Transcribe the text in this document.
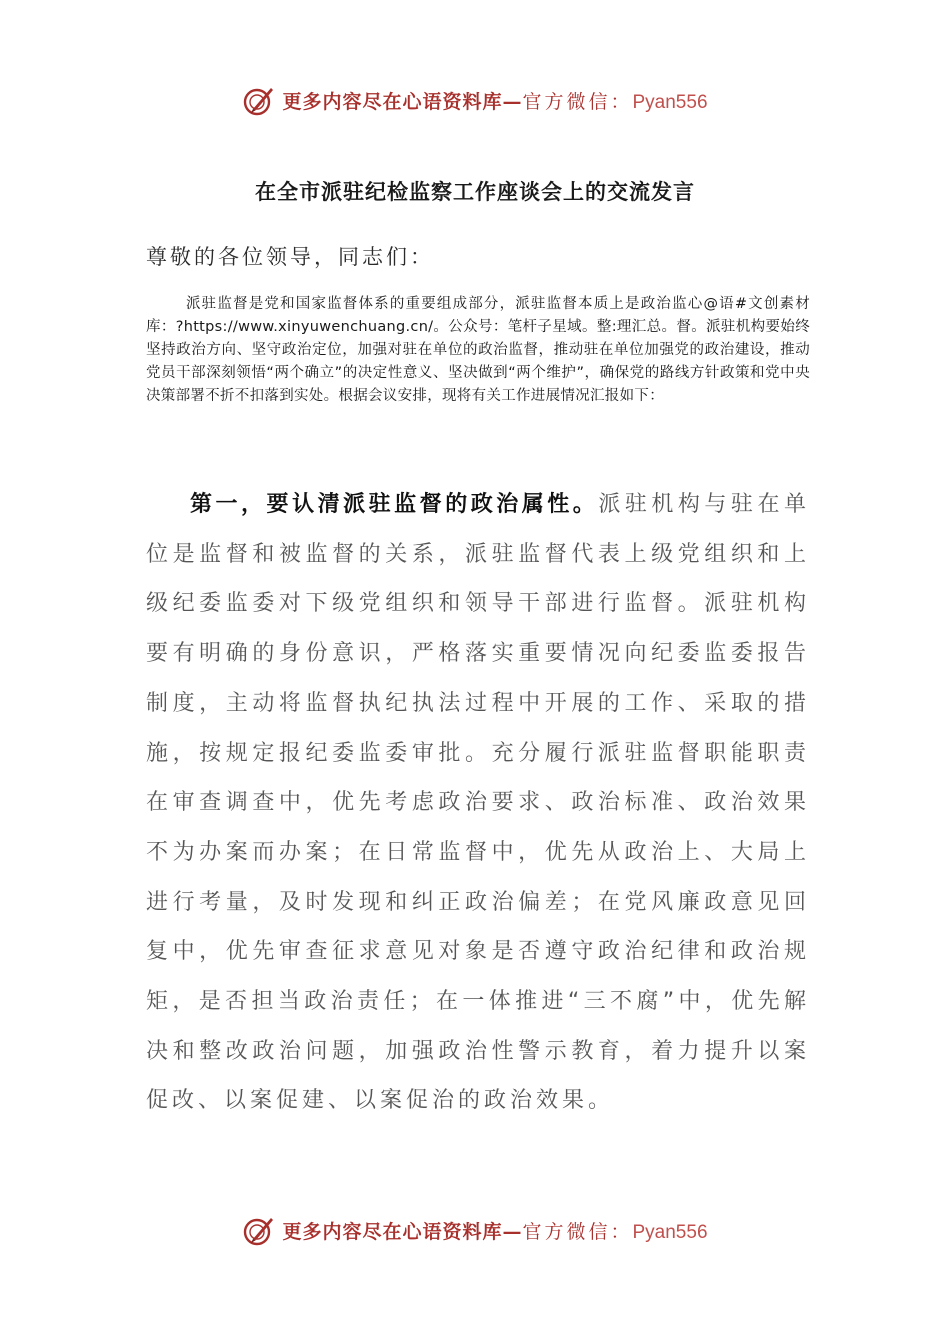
更多内容尽在心语资料库—官方微信：Pyan556
在全市派驻纪检监察工作座谈会上的交流发言
尊敬的各位领导，同志们：
派驻监督是党和国家监督体系的重要组成部分，派驻监督本质上是政治监心@语#文创素材库：?https://www.xinyuwenchuang.cn/。公众号：笔杆子星域。整:理汇总。督。派驻机构要始终坚持政治方向、坚守政治定位，加强对驻在单位的政治监督，推动驻在单位加强党的政治建设，推动党员干部深刻领悟“两个确立”的决定性意义、坚决做到“两个维护”，确保党的路线方针政策和党中央决策部署不折不扣落到实处。根据会议安排，现将有关工作进展情况汇报如下：
第一，要认清派驻监督的政治属性。派驻机构与驻在单位是监督和被监督的关系，派驻监督代表上级党组织和上级纪委监委对下级党组织和领导干部进行监督。派驻机构要有明确的身份意识，严格落实重要情况向纪委监委报告制度，主动将监督执纪执法过程中开展的工作、采取的措施，按规定报纪委监委审批。充分履行派驻监督职能职责在审查调查中，优先考虑政治要求、政治标准、政治效果不为办案而办案；在日常监督中，优先从政治上、大局上进行考量，及时发现和纠正政治偏差；在党风廉政意见回复中，优先审查征求意见对象是否遵守政治纪律和政治规矩，是否担当政治责任；在一体推进“三不腐”中，优先解决和整改政治问题，加强政治性警示教育，着力提升以案促改、以案促建、以案促治的政治效果。
更多内容尽在心语资料库—官方微信：Pyan556
